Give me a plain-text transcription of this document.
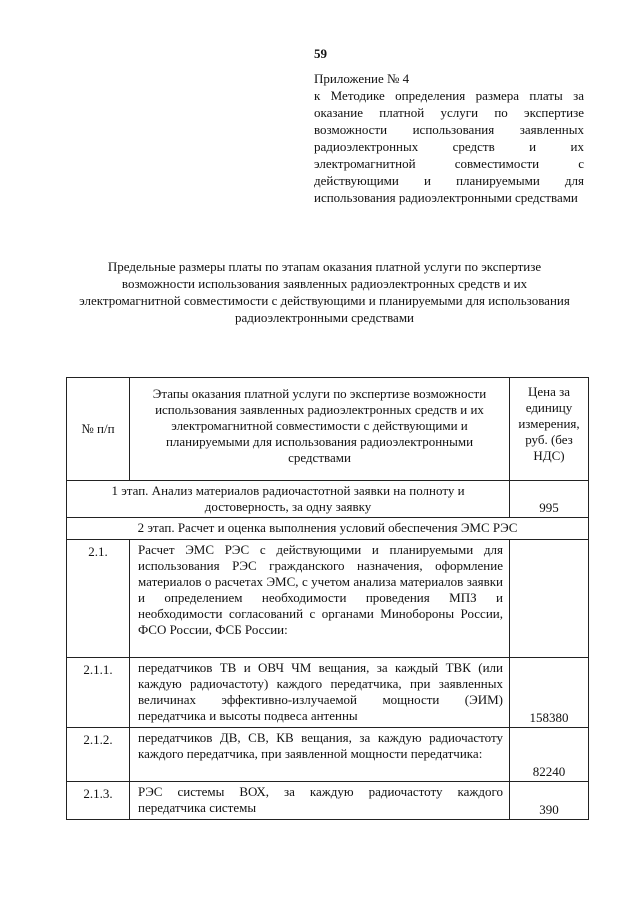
59
Приложение № 4
к Методике определения размера платы за оказание платной услуги по экспертизе возможности использования заявленных радиоэлектронных средств и их электромагнитной совместимости с действующими и планируемыми для использования радиоэлектронными средствами
Предельные размеры платы по этапам оказания платной услуги по экспертизе возможности использования заявленных радиоэлектронных средств и их электромагнитной совместимости с действующими и планируемыми для использования радиоэлектронными средствами
№ п/п	Этапы оказания платной услуги по экспертизе возможности использования заявленных радиоэлектронных средств и их электромагнитной совместимости с действующими и планируемыми для использования радиоэлектронными средствами	Цена за единицу измерения, руб. (без НДС)
1 этап. Анализ материалов радиочастотной заявки на полноту и достоверность, за одну заявку		995
2 этап. Расчет и оценка выполнения условий обеспечения ЭМС РЭС		
2.1.	Расчет ЭМС РЭС с действующими и планируемыми для использования РЭС гражданского назначения, оформление материалов о расчетах ЭМС, с учетом анализа материалов заявки и определением необходимости проведения МПЗ и необходимости согласований с органами Минобороны России, ФСО России, ФСБ России:	
2.1.1.	передатчиков ТВ и ОВЧ ЧМ вещания, за каждый ТВК (или каждую радиочастоту) каждого передатчика, при заявленных величинах эффективно-излучаемой мощности (ЭИМ) передатчика и высоты подвеса антенны	158380
2.1.2.	передатчиков ДВ, СВ, КВ вещания, за каждую радиочастоту каждого передатчика, при заявленной мощности передатчика:	82240
2.1.3.	РЭС системы ВОХ, за каждую радиочастоту каждого передатчика системы	390
